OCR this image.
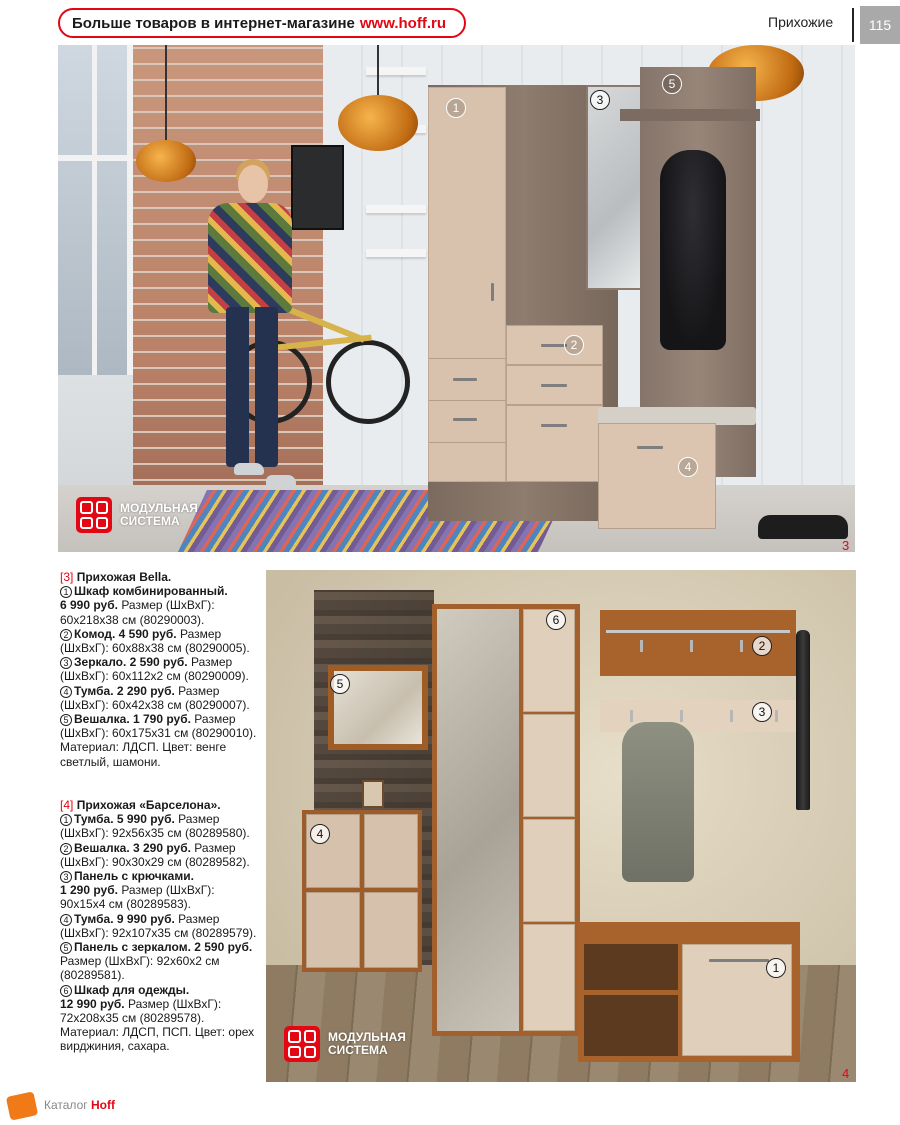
Больше товаров в интернет-магазине www.hoff.ru	Прихожие	115
1
2
3
4
5
МОДУЛЬНАЯ
СИСТЕМА
3

[3] Прихожая Bella.

1 Шкаф комбинированный.
6 990 руб. Размер (ШхВхГ): 60х218х38 см (80290003).

2 Комод. 4 590 руб. Размер (ШхВхГ): 60х88х38 см (80290005).

3 Зеркало. 2 590 руб. Размер (ШхВхГ): 60х112х2 см (80290009).

4 Тумба. 2 290 руб. Размер (ШхВхГ): 60х42х38 см (80290007).

5 Вешалка. 1 790 руб. Размер (ШхВхГ): 60х175х31 см (80290010). Материал: ЛДСП. Цвет: венге светлый, шамони.

[4] Прихожая «Барселона».

1 Тумба. 5 990 руб. Размер (ШхВхГ): 92х56х35 см (80289580).

2 Вешалка. 3 290 руб. Размер (ШхВхГ): 90х30х29 см (80289582).

3 Панель с крючками.
1 290 руб. Размер (ШхВхГ): 90х15х4 см (80289583).

4 Тумба. 9 990 руб. Размер (ШхВхГ): 92х107х35 см (80289579).

5 Панель с зеркалом. 2 590 руб. Размер (ШхВхГ): 92х60х2 см (80289581).

6 Шкаф для одежды.
12 990 руб. Размер (ШхВхГ): 72х208х35 см (80289578). Материал: ЛДСП, ПСП. Цвет: орех вирджиния, сахара.

1
2
3
4
5
6
МОДУЛЬНАЯ
СИСТЕМА
4
Каталог Hoff
